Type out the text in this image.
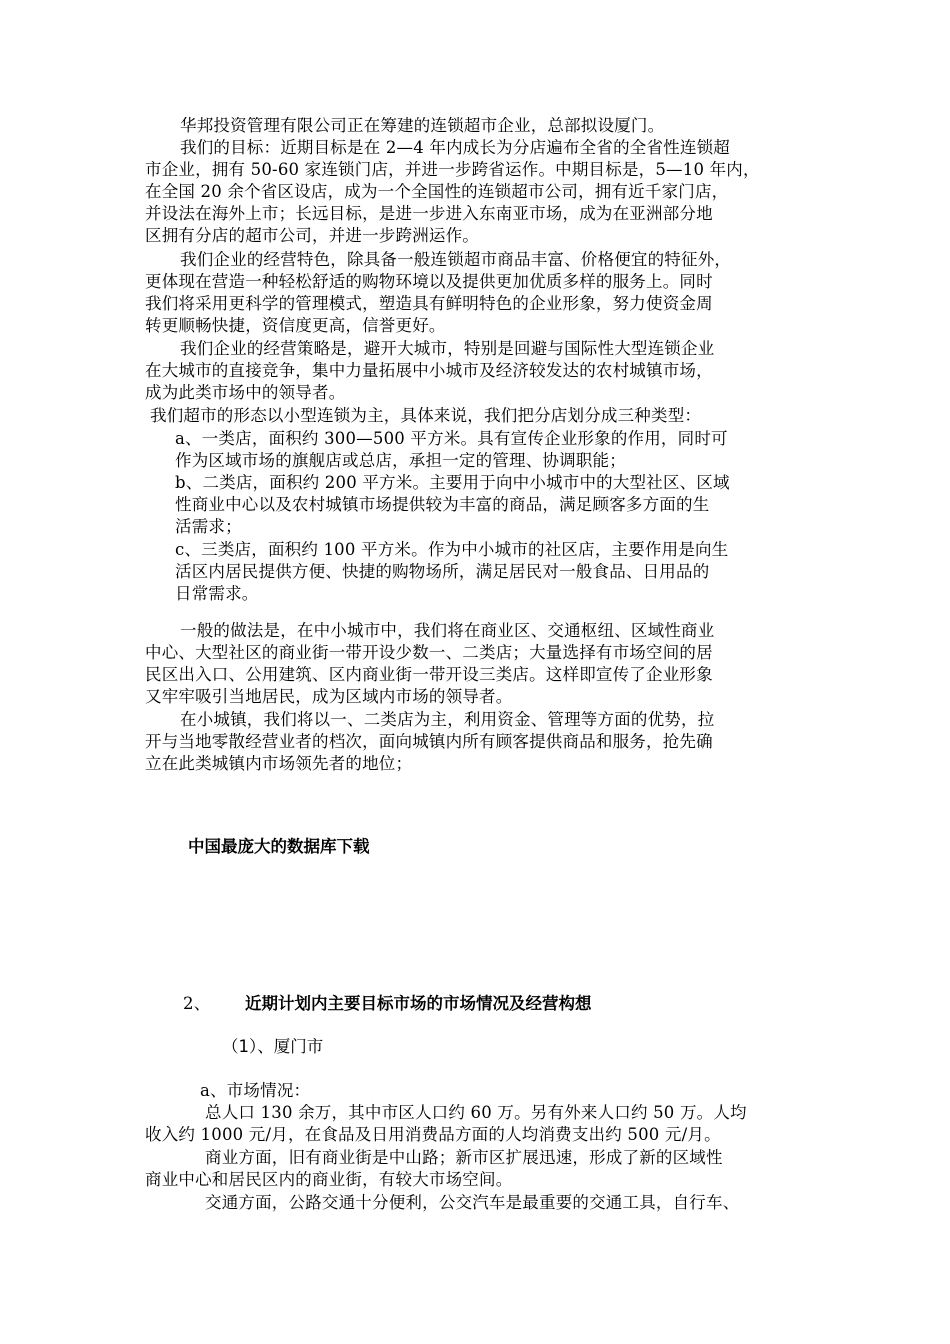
华邦投资管理有限公司正在筹建的连锁超市企业，总部拟设厦门。
我们的目标：近期目标是在 2—4 年内成长为分店遍布全省的全省性连锁超
市企业，拥有 50-60 家连锁门店，并进一步跨省运作。中期目标是，5—10 年内，
在全国 20 余个省区设店，成为一个全国性的连锁超市公司，拥有近千家门店，
并设法在海外上市；长远目标，是进一步进入东南亚市场，成为在亚洲部分地
区拥有分店的超市公司，并进一步跨洲运作。
我们企业的经营特色，除具备一般连锁超市商品丰富、价格便宜的特征外，
更体现在营造一种轻松舒适的购物环境以及提供更加优质多样的服务上。同时
我们将采用更科学的管理模式，塑造具有鲜明特色的企业形象，努力使资金周
转更顺畅快捷，资信度更高，信誉更好。
我们企业的经营策略是，避开大城市，特别是回避与国际性大型连锁企业
在大城市的直接竞争，集中力量拓展中小城市及经济较发达的农村城镇市场，
成为此类市场中的领导者。
我们超市的形态以小型连锁为主，具体来说，我们把分店划分成三种类型：
a、一类店，面积约 300—500 平方米。具有宣传企业形象的作用，同时可
作为区域市场的旗舰店或总店，承担一定的管理、协调职能；
b、二类店，面积约 200 平方米。主要用于向中小城市中的大型社区、区域
性商业中心以及农村城镇市场提供较为丰富的商品，满足顾客多方面的生
活需求；
c、三类店，面积约 100 平方米。作为中小城市的社区店，主要作用是向生
活区内居民提供方便、快捷的购物场所，满足居民对一般食品、日用品的
日常需求。
一般的做法是，在中小城市中，我们将在商业区、交通枢纽、区域性商业
中心、大型社区的商业街一带开设少数一、二类店；大量选择有市场空间的居
民区出入口、公用建筑、区内商业街一带开设三类店。这样即宣传了企业形象
又牢牢吸引当地居民，成为区域内市场的领导者。
在小城镇，我们将以一、二类店为主，利用资金、管理等方面的优势，拉
开与当地零散经营业者的档次，面向城镇内所有顾客提供商品和服务，抢先确
立在此类城镇内市场领先者的地位；
中国最庞大的数据库下载
2、 近期计划内主要目标市场的市场情况及经营构想
（1）、厦门市
a、市场情况：
总人口 130 余万，其中市区人口约 60 万。另有外来人口约 50 万。人均
收入约 1000 元/月，在食品及日用消费品方面的人均消费支出约 500 元/月。
商业方面，旧有商业街是中山路；新市区扩展迅速，形成了新的区域性
商业中心和居民区内的商业街，有较大市场空间。
交通方面，公路交通十分便利，公交汽车是最重要的交通工具，自行车、
